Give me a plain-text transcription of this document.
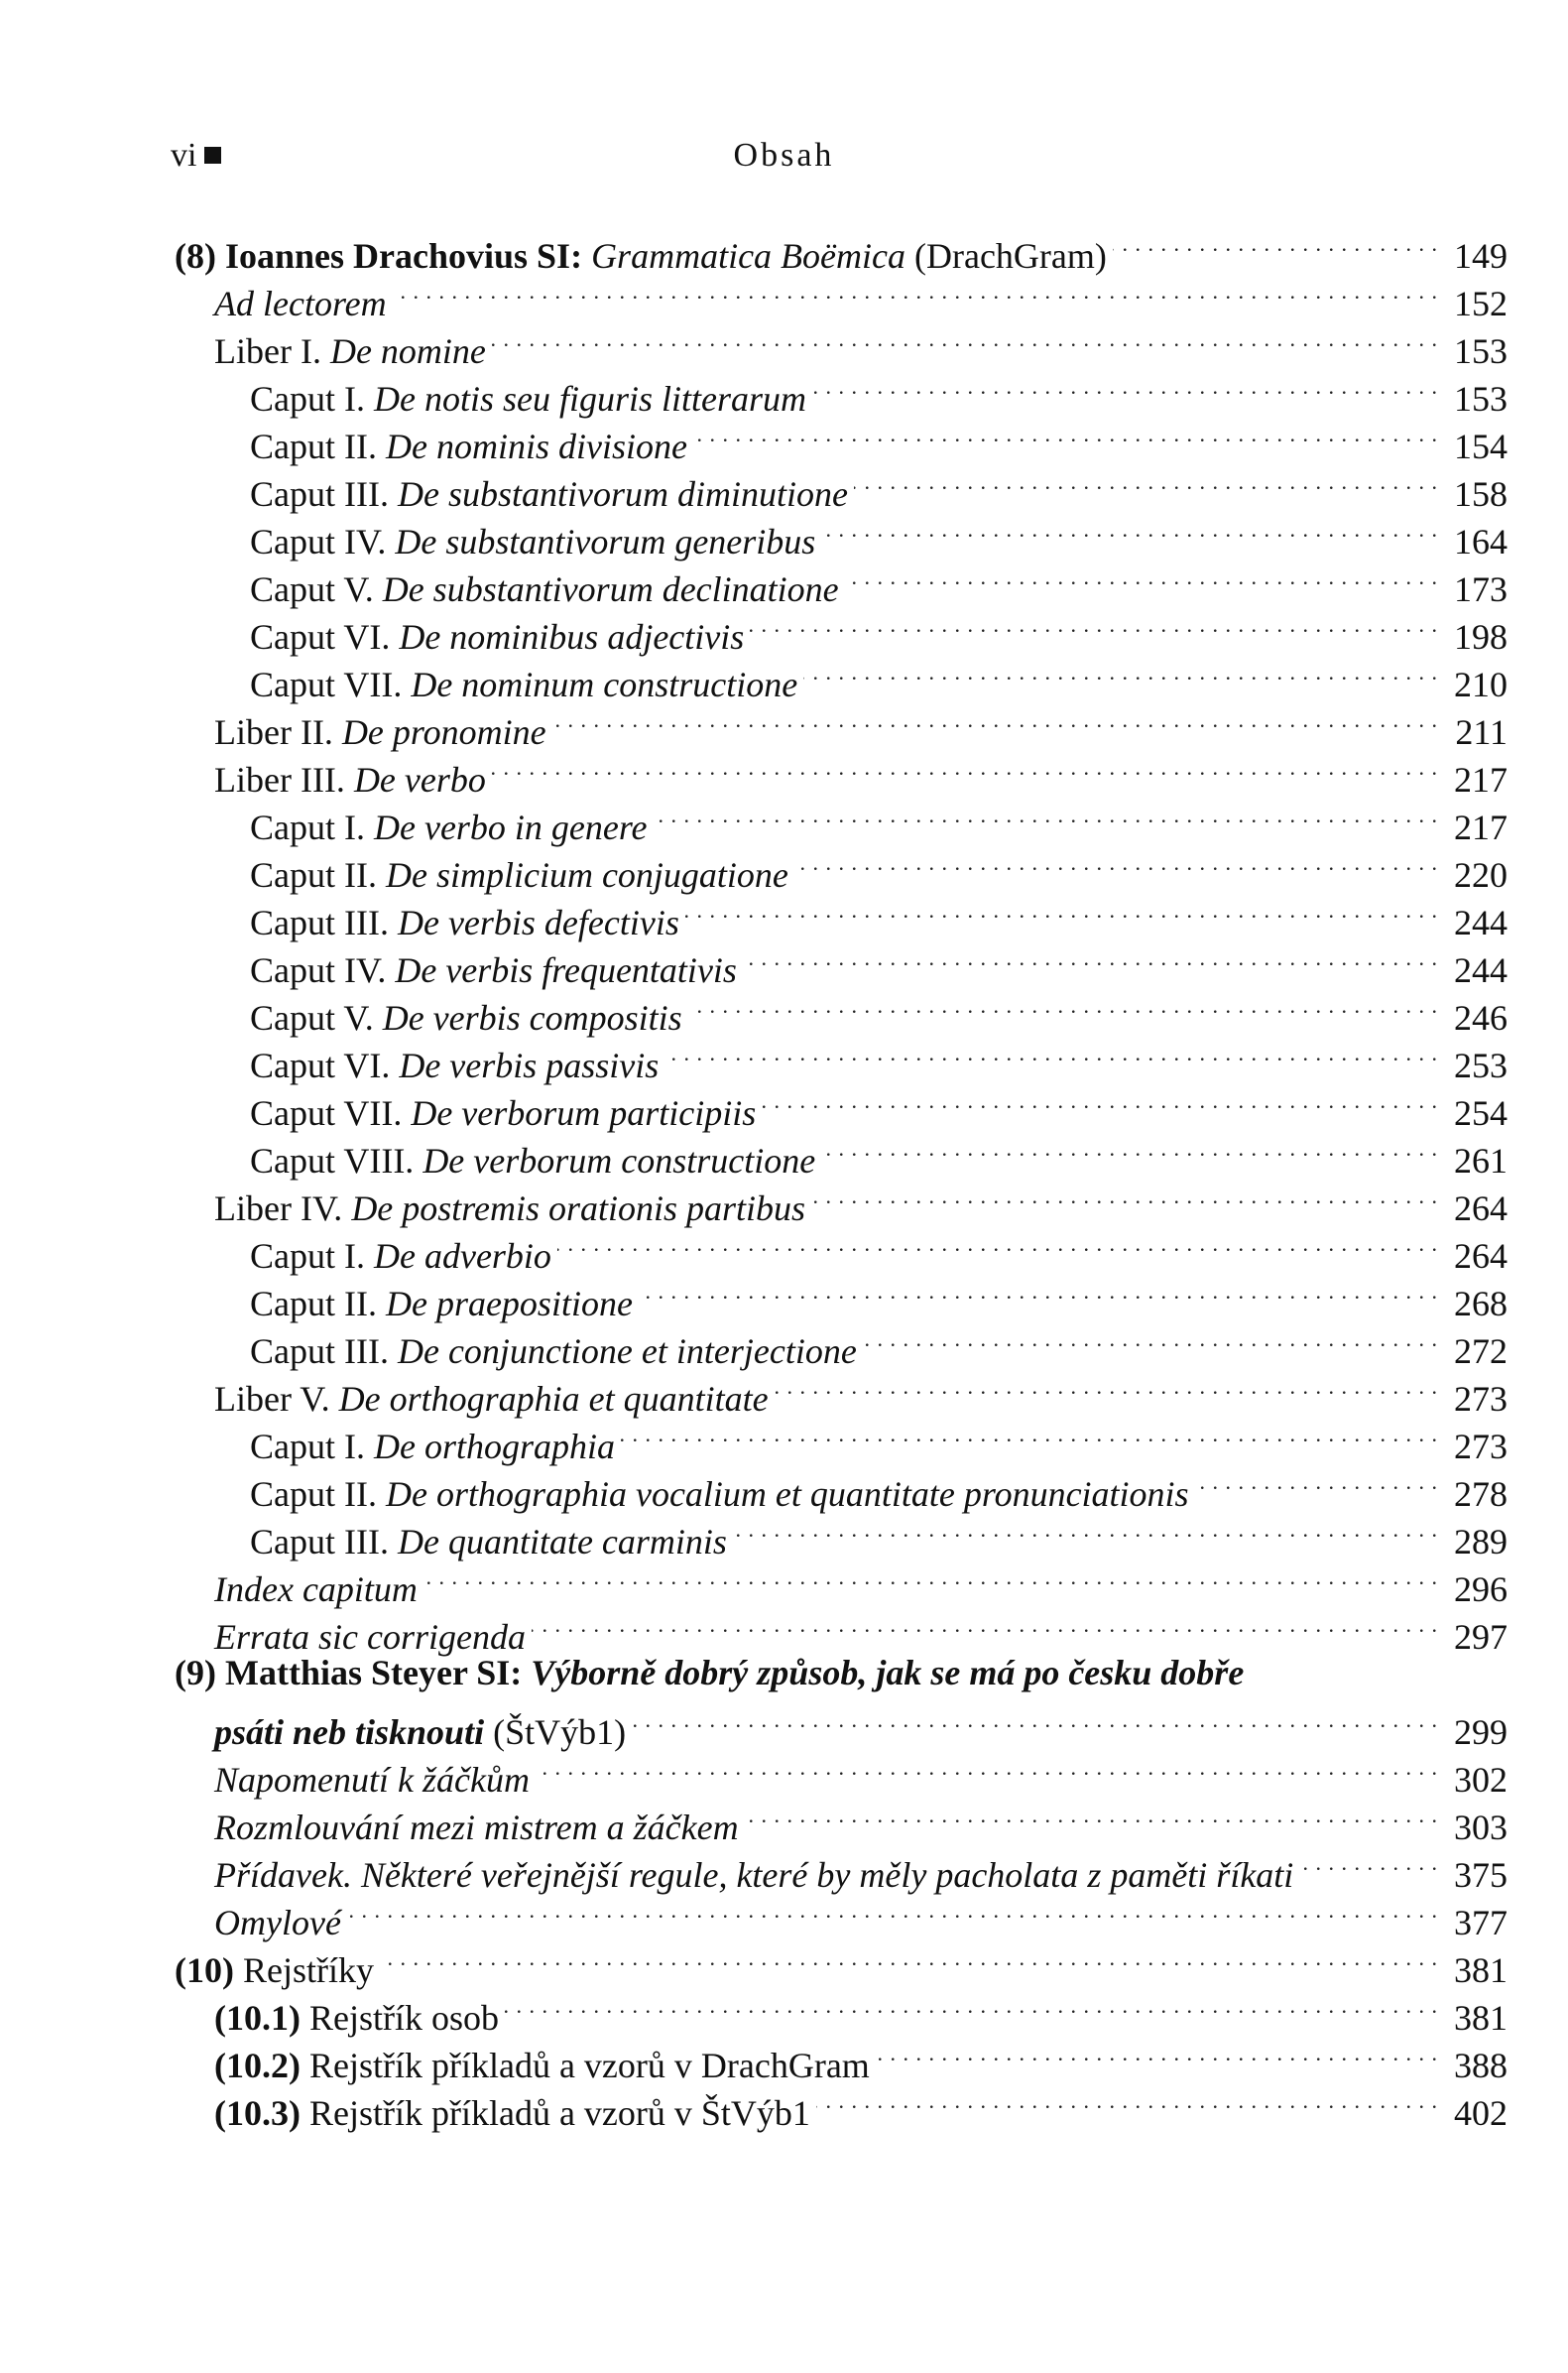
vi	Obsah
(8) Ioannes Drachovius SI: Grammatica Boëmica (DrachGram) . . .	149
Ad lectorem . . .	152
Liber I. De nomine . . .	153
Caput I. De notis seu figuris litterarum . . .	153
Caput II. De nominis divisione . . .	154
Caput III. De substantivorum diminutione . . .	158
Caput IV. De substantivorum generibus . . .	164
Caput V. De substantivorum declinatione . . .	173
Caput VI. De nominibus adjectivis . . .	198
Caput VII. De nominum constructione . . .	210
Liber II. De pronomine . . .	211
Liber III. De verbo . . .	217
Caput I. De verbo in genere . . .	217
Caput II. De simplicium conjugatione . . .	220
Caput III. De verbis defectivis . . .	244
Caput IV. De verbis frequentativis . . .	244
Caput V. De verbis compositis . . .	246
Caput VI. De verbis passivis . . .	253
Caput VII. De verborum participiis . . .	254
Caput VIII. De verborum constructione . . .	261
Liber IV. De postremis orationis partibus . . .	264
Caput I. De adverbio . . .	264
Caput II. De praepositione . . .	268
Caput III. De conjunctione et interjectione . . .	272
Liber V. De orthographia et quantitate . . .	273
Caput I. De orthographia . . .	273
Caput II. De orthographia vocalium et quantitate pronunciationis . . .	278
Caput III. De quantitate carminis . . .	289
Index capitum . . .	296
Errata sic corrigenda . . .	297
(9) Matthias Steyer SI: Výborně dobrý způsob, jak se má po česku dobře
psáti neb tisknouti (ŠtVýb1) . . .	299
Napomenutí k žáčkům . . .	302
Rozmlouvání mezi mistrem a žáčkem . . .	303
Přídavek. Některé veřejnější regule, které by měly pacholata z paměti říkati . . .	375
Omylové . . .	377
(10) Rejstříky . . .	381
(10.1) Rejstřík osob . . .	381
(10.2) Rejstřík příkladů a vzorů v DrachGram . . .	388
(10.3) Rejstřík příkladů a vzorů v ŠtVýb1 . . .	402
